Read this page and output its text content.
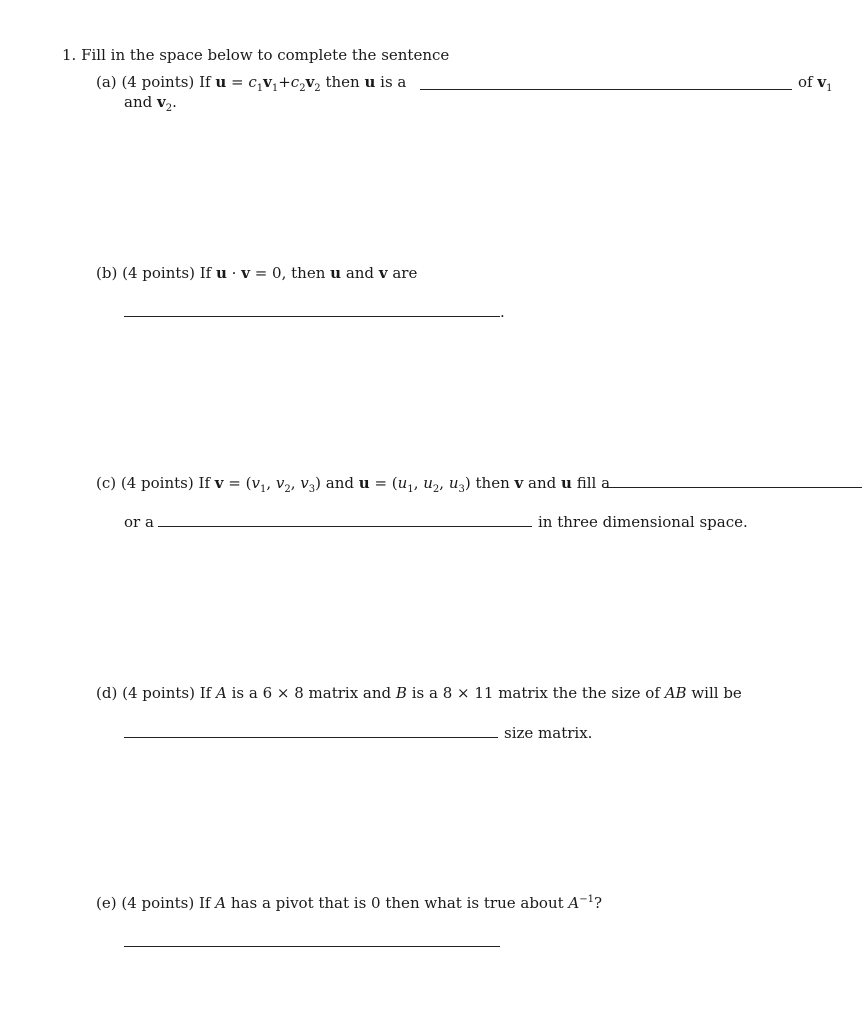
1. Fill in the space below to complete the sentence
(a) (4 points) If $u = c_1v_1+c_2v_2$ then u is a	of $v_1$
and $v_2$.
(b) (4 points) If u · v = 0, then u and v are
.
(c) (4 points) If $v = (v_1$, $v_2$, $v_3$) and $u = (u_1$, $u_2$, $u_3$) then v and u fill a
or a	in three dimensional space.
(d) (4 points) If A is a 6 × 8 matrix and B is a 8 × 11 matrix the the size of AB will be
size matrix.
(e) (4 points) If A has a pivot that is 0 then what is true about $A^{-1}$?
